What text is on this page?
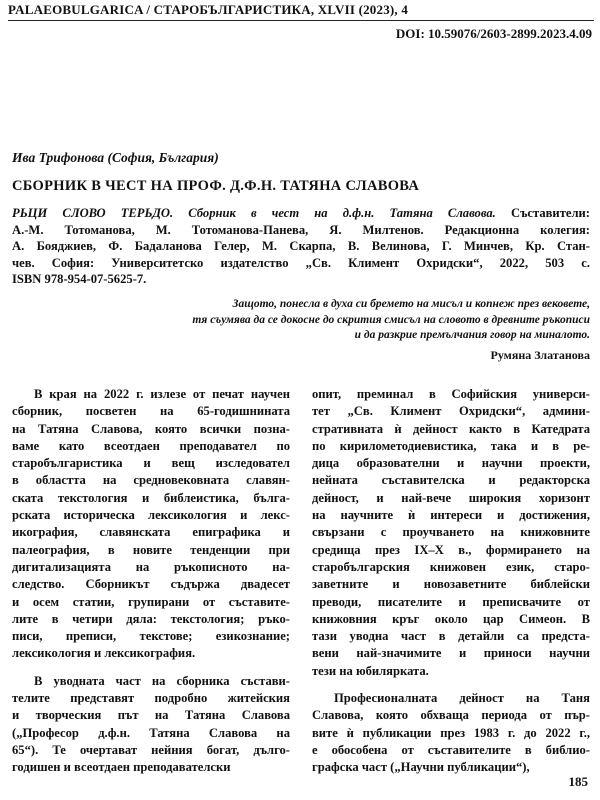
PALAEOBULGARICA / СТАРОБЪЛГАРИСТИКА, XLVII (2023), 4
DOI: 10.59076/2603-2899.2023.4.09
Ива Трифонова (София, България)
СБОРНИК В ЧЕСТ НА ПРОФ. Д.Ф.Н. ТАТЯНА СЛАВОВА
РЬЦИ СЛОВО ТЕРЬДО. Сборник в чест на д.ф.н. Татяна Славова. Съставители:
А.-М. Тотоманова, М. Тотоманова-Панева, Я. Милтенов. Редакционна колегия:
А. Бояджиев, Ф. Бадаланова Гелер, М. Скарпа, В. Велинова, Г. Минчев, Кр. Стан-
чев. София: Университетско издателство „Св. Климент Охридски“, 2022, 503 с.
ISBN 978-954-07-5625-7.
Защото, понесла в духа си бремето на мисъл и копнеж през вековете,
тя съумява да се докосне до скрития смисъл на словото в древните ръкописи
и да разкрие премълчания говор на миналото.
Румяна Златанова

В края на 2022 г. излезе от печат научен
сборник, посветен на 65-годишнината
на Татяна Славова, която всички позна-
ваме като всеотдаен преподавател по
старобългаристика и вещ изследовател
в областта на средновековната славян-
ската текстология и библеистика, бълга-
рската историческа лексикология и лекс-
икография, славянската епиграфика и
палеография, в новите тенденции при
дигитализацията на ръкописното на-
следство. Сборникът съдържа двадесет
и осем статии, групирани от съставите-
лите в четири дяла: текстология; ръко-
писи, преписи, текстове; езикознание;
лексикология и лексикография.

В уводната част на сборника състави-
телите представят подробно житейския
и творческия път на Татяна Славова
(„Професор д.ф.н. Татяна Славова на
65“). Те очертават нейния богат, дълго-
годишен и всеотдаен преподавателски

опит, преминал в Софийския универси-
тет „Св. Климент Охридски“, админи-
стративната ѝ дейност както в Катедрата
по кирилометодиевистика, така и в ре-
дица образователни и научни проекти,
нейната съставителска и редакторска
дейност, и най-вече широкия хоризонт
на научните ѝ интереси и достижения,
свързани с проучването на книжовните
средища през IX–X в., формирането на
старобългарския книжовен език, старо-
заветните и новозаветните библейски
преводи, писателите и преписвачите от
книжовния кръг около цар Симеон. В
тази уводна част в детайли са предста-
вени най-значимите и приноси научни
тези на юбилярката.

Професионалната дейност на Таня
Славова, която обхваща периода от пър-
вите ѝ публикации през 1983 г. до 2022 г.,
е обособена от съставителите в библио-
графска част („Научни публикации“),

185
